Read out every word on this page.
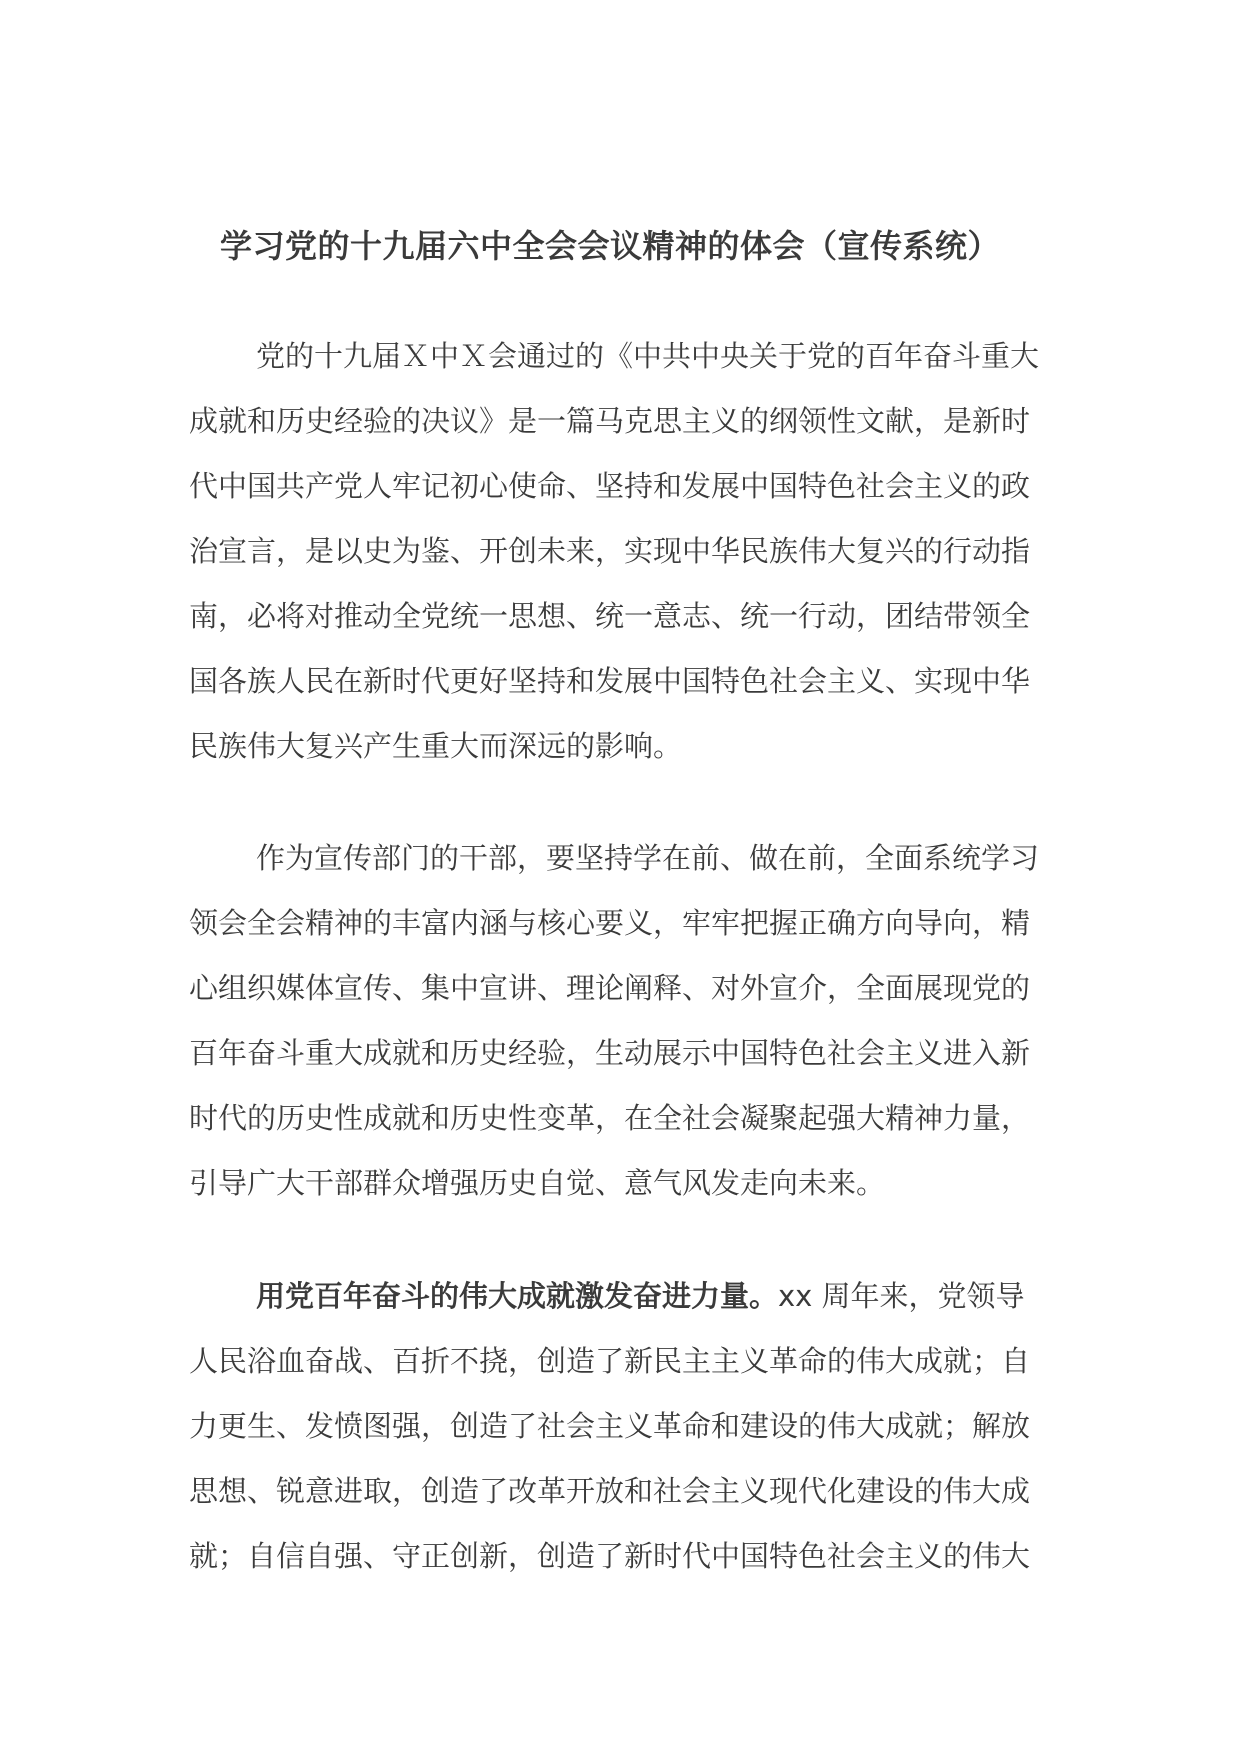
学习党的十九届六中全会会议精神的体会（宣传系统）
党的十九届Ｘ中Ｘ会通过的《中共中央关于党的百年奋斗重大
成就和历史经验的决议》是一篇马克思主义的纲领性文献，是新时
代中国共产党人牢记初心使命、坚持和发展中国特色社会主义的政
治宣言，是以史为鉴、开创未来，实现中华民族伟大复兴的行动指
南，必将对推动全党统一思想、统一意志、统一行动，团结带领全
国各族人民在新时代更好坚持和发展中国特色社会主义、实现中华
民族伟大复兴产生重大而深远的影响。
作为宣传部门的干部，要坚持学在前、做在前，全面系统学习
领会全会精神的丰富内涵与核心要义，牢牢把握正确方向导向，精
心组织媒体宣传、集中宣讲、理论阐释、对外宣介，全面展现党的
百年奋斗重大成就和历史经验，生动展示中国特色社会主义进入新
时代的历史性成就和历史性变革，在全社会凝聚起强大精神力量，
引导广大干部群众增强历史自觉、意气风发走向未来。
用党百年奋斗的伟大成就激发奋进力量。xx 周年来，党领导
人民浴血奋战、百折不挠，创造了新民主主义革命的伟大成就；自
力更生、发愤图强，创造了社会主义革命和建设的伟大成就；解放
思想、锐意进取，创造了改革开放和社会主义现代化建设的伟大成
就；自信自强、守正创新，创造了新时代中国特色社会主义的伟大
